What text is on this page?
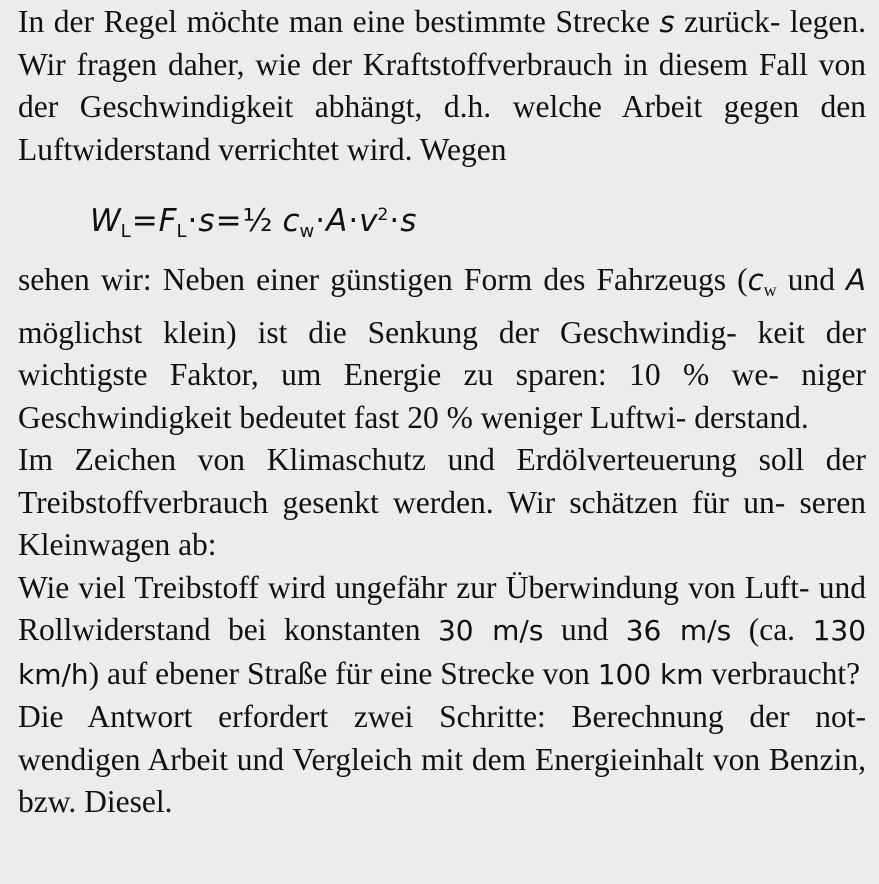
In der Regel möchte man eine bestimmte Strecke s zurück- legen. Wir fragen daher, wie der Kraftstoffverbrauch in diesem Fall von der Geschwindigkeit abhängt, d.h. welche Arbeit gegen den Luftwiderstand verrichtet wird. Wegen

$W_L=F_L\cdot s=\frac{1}{2}$ $c_w\cdot A\cdot v^2\cdot s$

sehen wir: Neben einer günstigen Form des Fahrzeugs ($c_w$ und A möglichst klein) ist die Senkung der Geschwindig- keit der wichtigste Faktor, um Energie zu sparen: 10 % we- niger Geschwindigkeit bedeutet fast 20 % weniger Luftwi- derstand.

Im Zeichen von Klimaschutz und Erdölverteuerung soll der Treibstoffverbrauch gesenkt werden. Wir schätzen für un- seren Kleinwagen ab:

Wie viel Treibstoff wird ungefähr zur Überwindung von Luft- und Rollwiderstand bei konstanten 30 m/s und 36 m/s (ca. 130 km/h) auf ebener Straße für eine Strecke von 100 km verbraucht?

Die Antwort erfordert zwei Schritte: Berechnung der not- wendigen Arbeit und Vergleich mit dem Energieinhalt von Benzin, bzw. Diesel.
